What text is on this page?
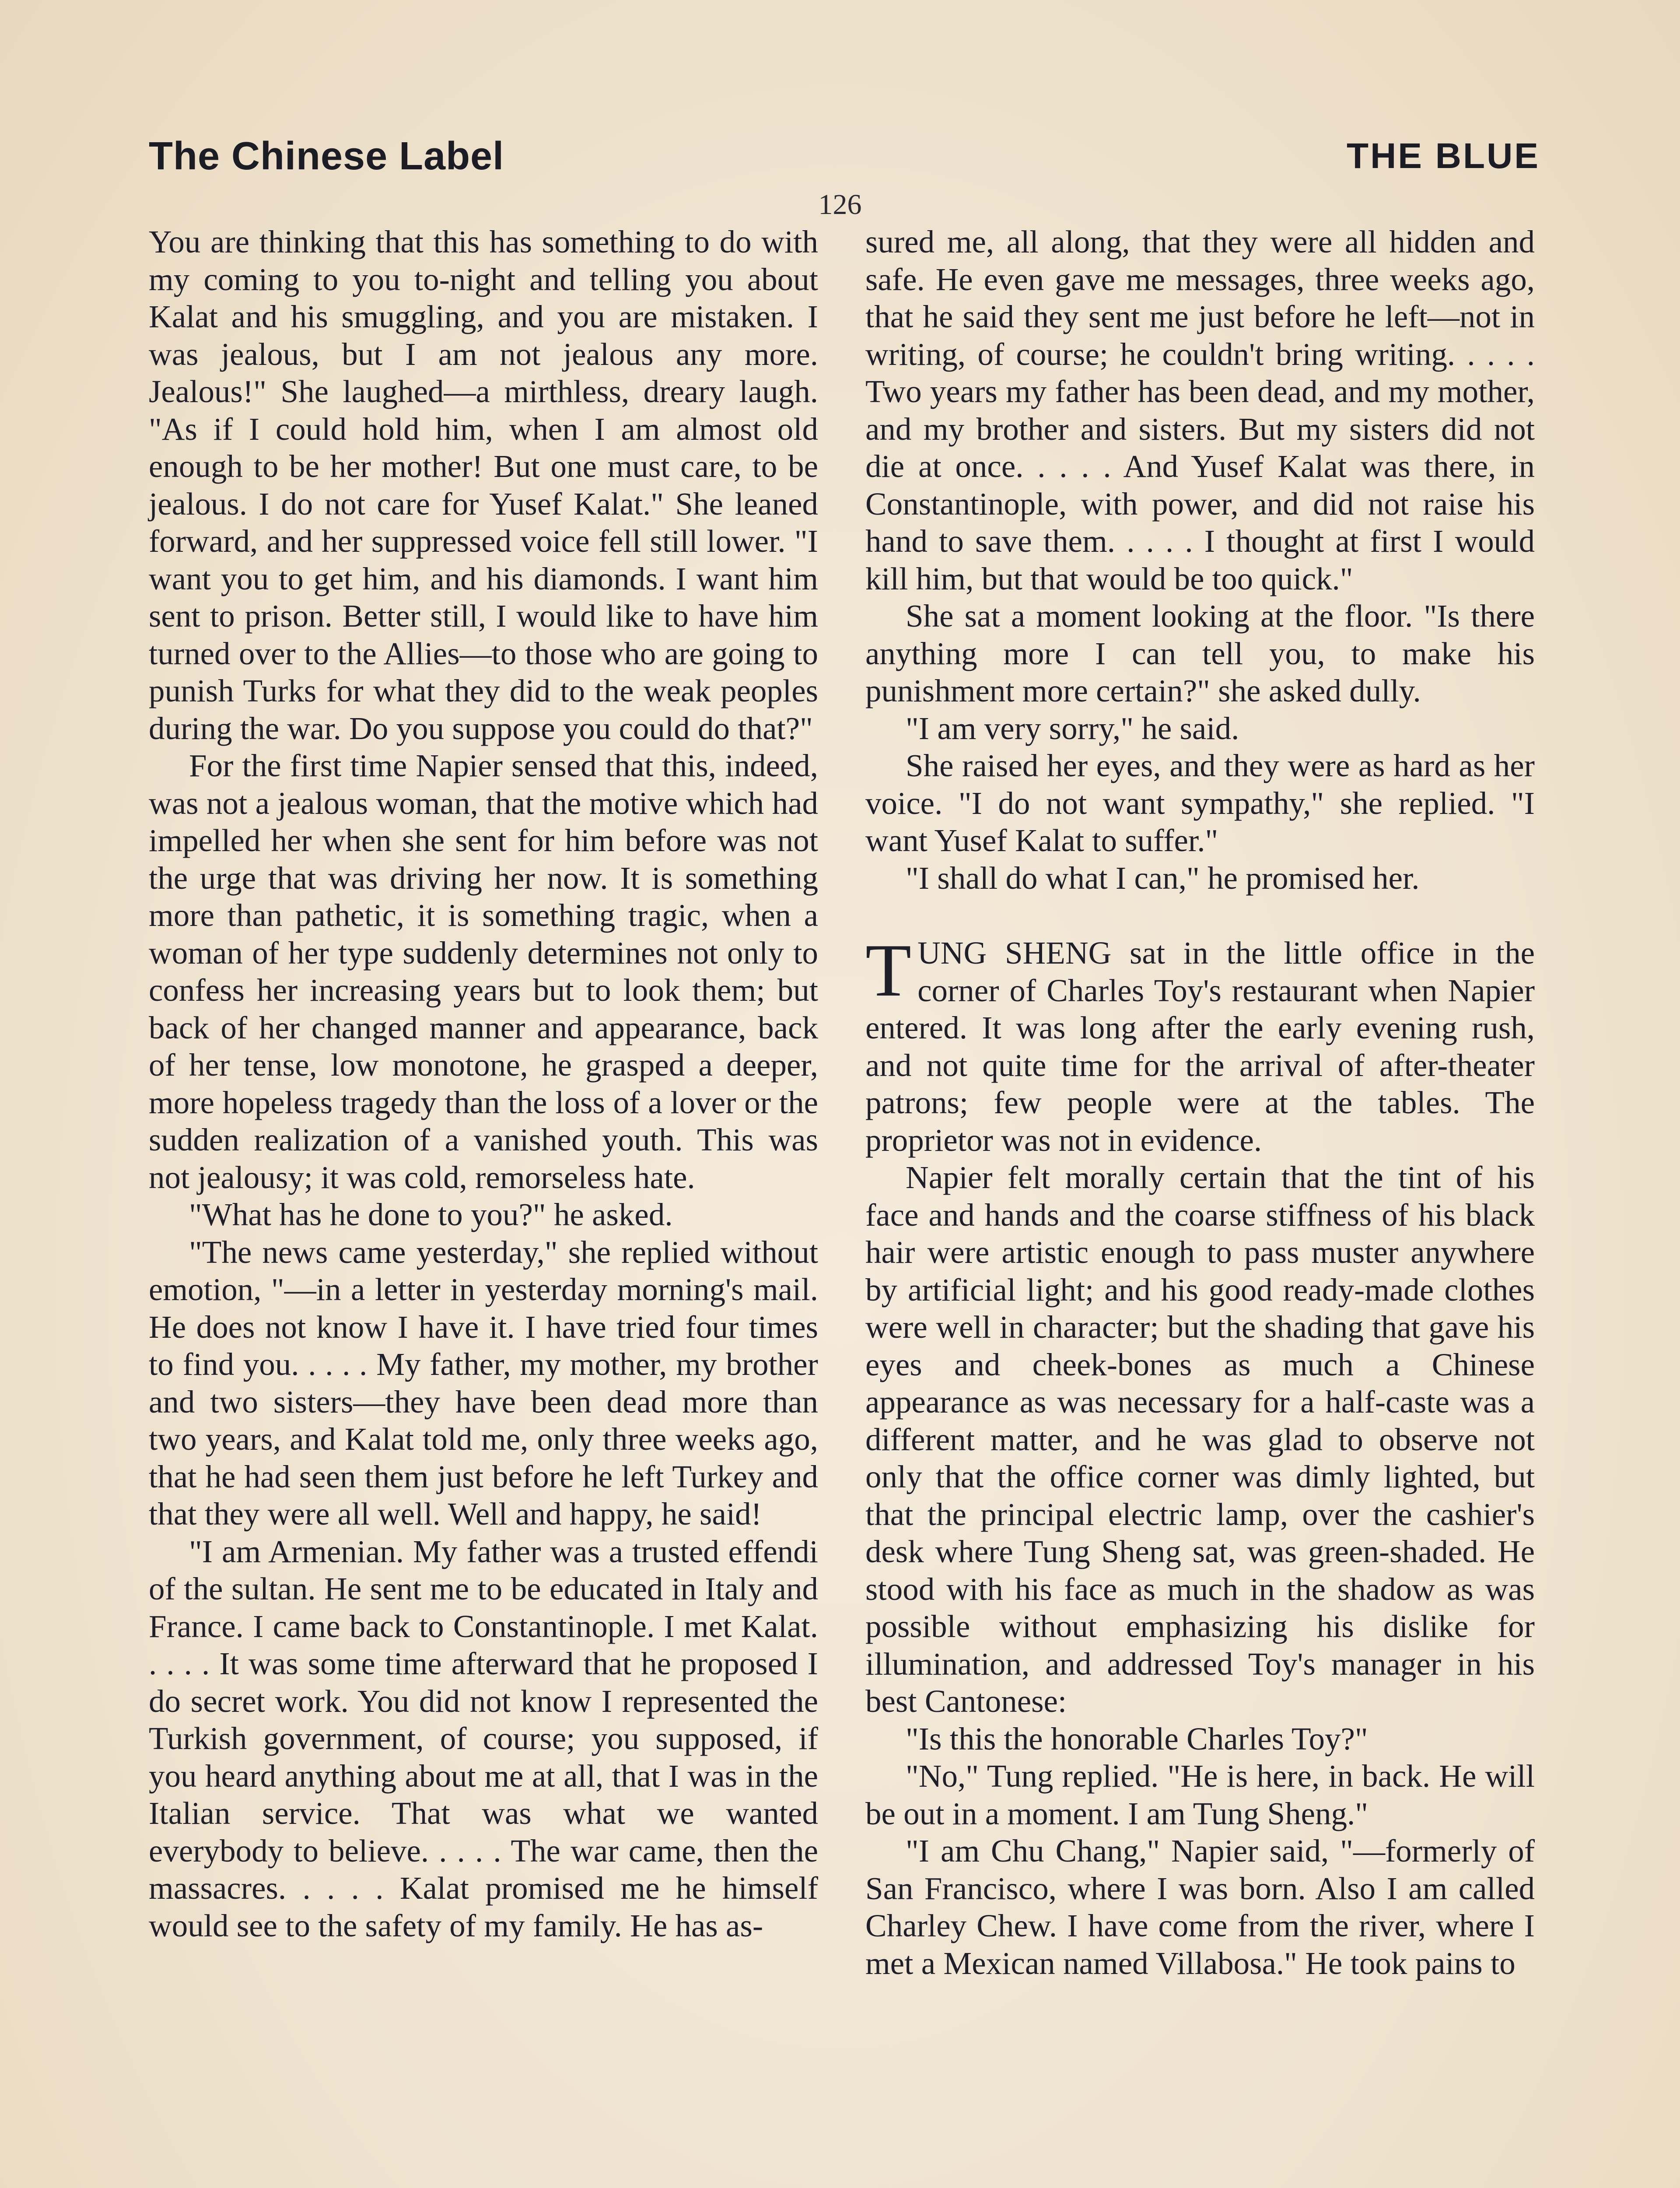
The Chinese Label	THE BLUE
126

You are thinking that this has something to do with my coming to you to-night and telling you about Kalat and his smuggling, and you are mistaken. I was jealous, but I am not jealous any more. Jealous!" She laughed—a mirthless, dreary laugh. "As if I could hold him, when I am almost old enough to be her mother! But one must care, to be jealous. I do not care for Yusef Kalat." She leaned forward, and her suppressed voice fell still lower. "I want you to get him, and his diamonds. I want him sent to prison. Better still, I would like to have him turned over to the Allies—to those who are going to punish Turks for what they did to the weak peoples during the war. Do you suppose you could do that?"

For the first time Napier sensed that this, indeed, was not a jealous woman, that the motive which had impelled her when she sent for him before was not the urge that was driving her now. It is something more than pathetic, it is something tragic, when a woman of her type suddenly determines not only to confess her increasing years but to look them; but back of her changed manner and appearance, back of her tense, low monotone, he grasped a deeper, more hopeless tragedy than the loss of a lover or the sudden realization of a vanished youth. This was not jealousy; it was cold, remorseless hate.

"What has he done to you?" he asked.

"The news came yesterday," she replied without emotion, "—in a letter in yesterday morning's mail. He does not know I have it. I have tried four times to find you. . . . . My father, my mother, my brother and two sisters—they have been dead more than two years, and Kalat told me, only three weeks ago, that he had seen them just before he left Turkey and that they were all well. Well and happy, he said!

"I am Armenian. My father was a trusted effendi of the sultan. He sent me to be educated in Italy and France. I came back to Constantinople. I met Kalat. . . . . It was some time afterward that he proposed I do secret work. You did not know I represented the Turkish government, of course; you supposed, if you heard anything about me at all, that I was in the Italian service. That was what we wanted everybody to believe. . . . . The war came, then the massacres. . . . . Kalat promised me he himself would see to the safety of my family. He has as-

sured me, all along, that they were all hidden and safe. He even gave me messages, three weeks ago, that he said they sent me just before he left—not in writing, of course; he couldn't bring writing. . . . . Two years my father has been dead, and my mother, and my brother and sisters. But my sisters did not die at once. . . . . And Yusef Kalat was there, in Constantinople, with power, and did not raise his hand to save them. . . . . I thought at first I would kill him, but that would be too quick."

She sat a moment looking at the floor. "Is there anything more I can tell you, to make his punishment more certain?" she asked dully.

"I am very sorry," he said.

She raised her eyes, and they were as hard as her voice. "I do not want sympathy," she replied. "I want Yusef Kalat to suffer."

"I shall do what I can," he promised her.

TUNG SHENG sat in the little office in the corner of Charles Toy's restaurant when Napier entered. It was long after the early evening rush, and not quite time for the arrival of after-theater patrons; few people were at the tables. The proprietor was not in evidence.

Napier felt morally certain that the tint of his face and hands and the coarse stiffness of his black hair were artistic enough to pass muster anywhere by artificial light; and his good ready-made clothes were well in character; but the shading that gave his eyes and cheek-bones as much a Chinese appearance as was necessary for a half-caste was a different matter, and he was glad to observe not only that the office corner was dimly lighted, but that the principal electric lamp, over the cashier's desk where Tung Sheng sat, was green-shaded. He stood with his face as much in the shadow as was possible without emphasizing his dislike for illumination, and addressed Toy's manager in his best Cantonese:

"Is this the honorable Charles Toy?"

"No," Tung replied. "He is here, in back. He will be out in a moment. I am Tung Sheng."

"I am Chu Chang," Napier said, "—formerly of San Francisco, where I was born. Also I am called Charley Chew. I have come from the river, where I met a Mexican named Villabosa." He took pains to
